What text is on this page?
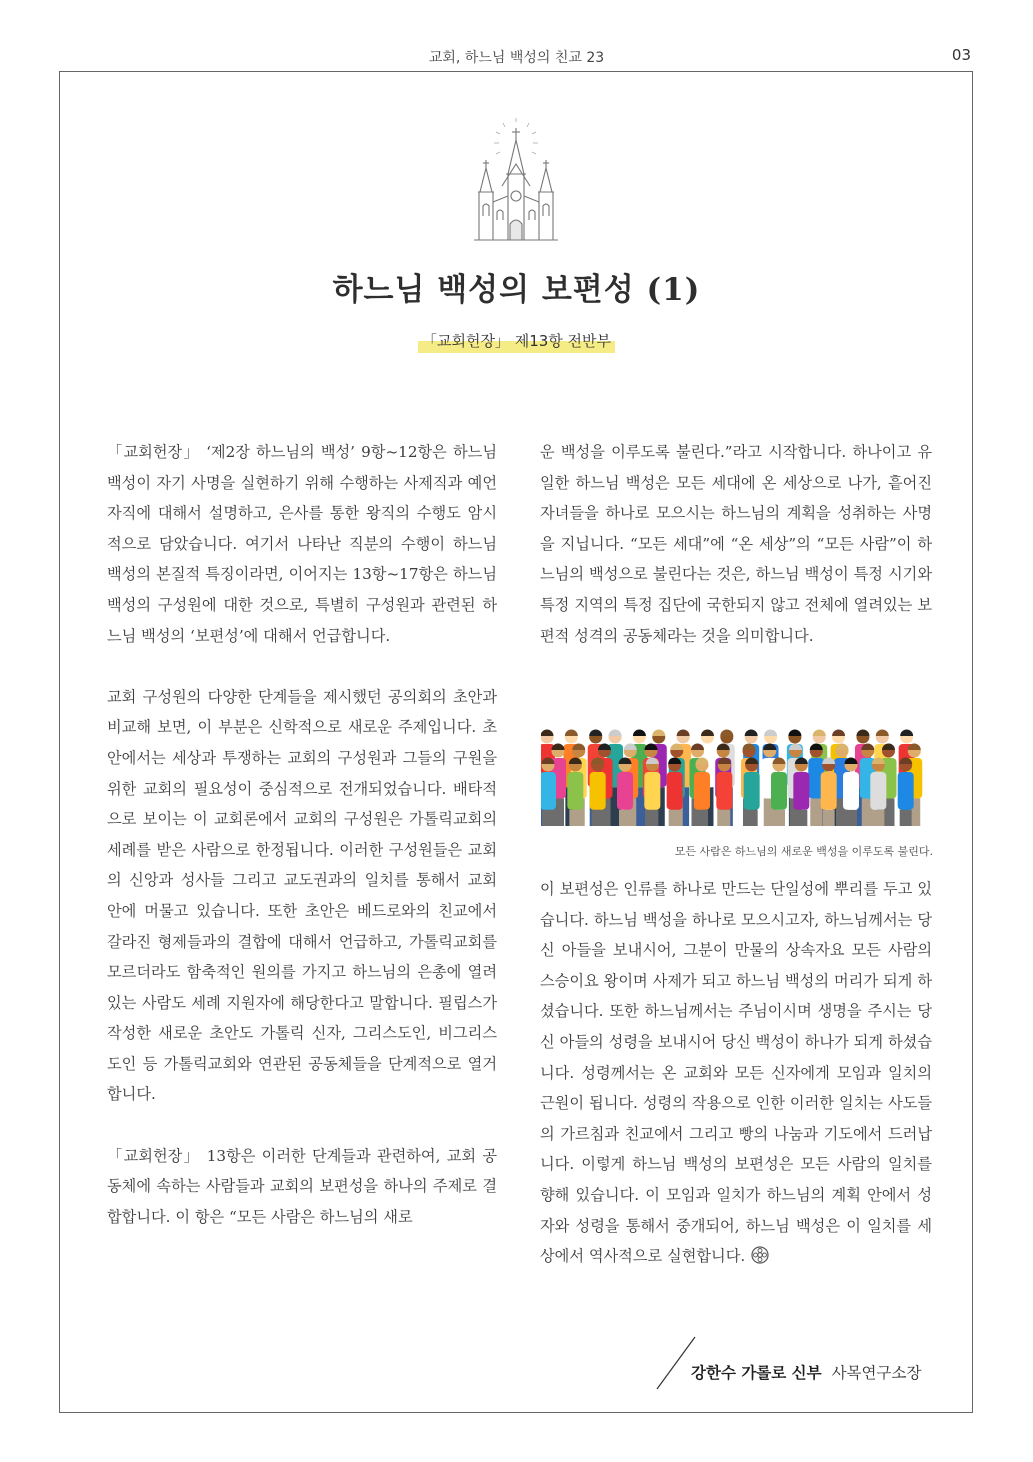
교회, 하느님 백성의 친교 23	03
하느님 백성의 보편성 (1)
「교회헌장」 제13항 전반부

「교회헌장」 ‘제2장 하느님의 백성’ 9항~12항은 하느님 백성이 자기 사명을 실현하기 위해 수행하는 사제직과 예언자직에 대해서 설명하고, 은사를 통한 왕직의 수행도 암시적으로 담았습니다. 여기서 나타난 직분의 수행이 하느님 백성의 본질적 특징이라면, 이어지는 13항~17항은 하느님 백성의 구성원에 대한 것으로, 특별히 구성원과 관련된 하느님 백성의 ‘보편성’에 대해서 언급합니다.

교회 구성원의 다양한 단계들을 제시했던 공의회의 초안과 비교해 보면, 이 부분은 신학적으로 새로운 주제입니다. 초안에서는 세상과 투쟁하는 교회의 구성원과 그들의 구원을 위한 교회의 필요성이 중심적으로 전개되었습니다. 배타적으로 보이는 이 교회론에서 교회의 구성원은 가톨릭교회의 세례를 받은 사람으로 한정됩니다. 이러한 구성원들은 교회의 신앙과 성사들 그리고 교도권과의 일치를 통해서 교회 안에 머물고 있습니다. 또한 초안은 베드로와의 친교에서 갈라진 형제들과의 결합에 대해서 언급하고, 가톨릭교회를 모르더라도 함축적인 원의를 가지고 하느님의 은총에 열려있는 사람도 세례 지원자에 해당한다고 말합니다. 필립스가 작성한 새로운 초안도 가톨릭 신자, 그리스도인, 비그리스도인 등 가톨릭교회와 연관된 공동체들을 단계적으로 열거합니다.

「교회헌장」 13항은 이러한 단계들과 관련하여, 교회 공동체에 속하는 사람들과 교회의 보편성을 하나의 주제로 결합합니다. 이 항은 “모든 사람은 하느님의 새로

운 백성을 이루도록 불린다.”라고 시작합니다. 하나이고 유일한 하느님 백성은 모든 세대에 온 세상으로 나가, 흩어진 자녀들을 하나로 모으시는 하느님의 계획을 성취하는 사명을 지닙니다. “모든 세대”에 “온 세상”의 “모든 사람”이 하느님의 백성으로 불린다는 것은, 하느님 백성이 특정 시기와 특정 지역의 특정 집단에 국한되지 않고 전체에 열려있는 보편적 성격의 공동체라는 것을 의미합니다.

모든 사람은 하느님의 새로운 백성을 이루도록 불린다.

이 보편성은 인류를 하나로 만드는 단일성에 뿌리를 두고 있습니다. 하느님 백성을 하나로 모으시고자, 하느님께서는 당신 아들을 보내시어, 그분이 만물의 상속자요 모든 사람의 스승이요 왕이며 사제가 되고 하느님 백성의 머리가 되게 하셨습니다. 또한 하느님께서는 주님이시며 생명을 주시는 당신 아들의 성령을 보내시어 당신 백성이 하나가 되게 하셨습니다. 성령께서는 온 교회와 모든 신자에게 모임과 일치의 근원이 됩니다. 성령의 작용으로 인한 이러한 일치는 사도들의 가르침과 친교에서 그리고 빵의 나눔과 기도에서 드러납니다. 이렇게 하느님 백성의 보편성은 모든 사람의 일치를 향해 있습니다. 이 모임과 일치가 하느님의 계획 안에서 성자와 성령을 통해서 중개되어, 하느님 백성은 이 일치를 세상에서 역사적으로 실현합니다.

강한수 가롤로 신부 사목연구소장
